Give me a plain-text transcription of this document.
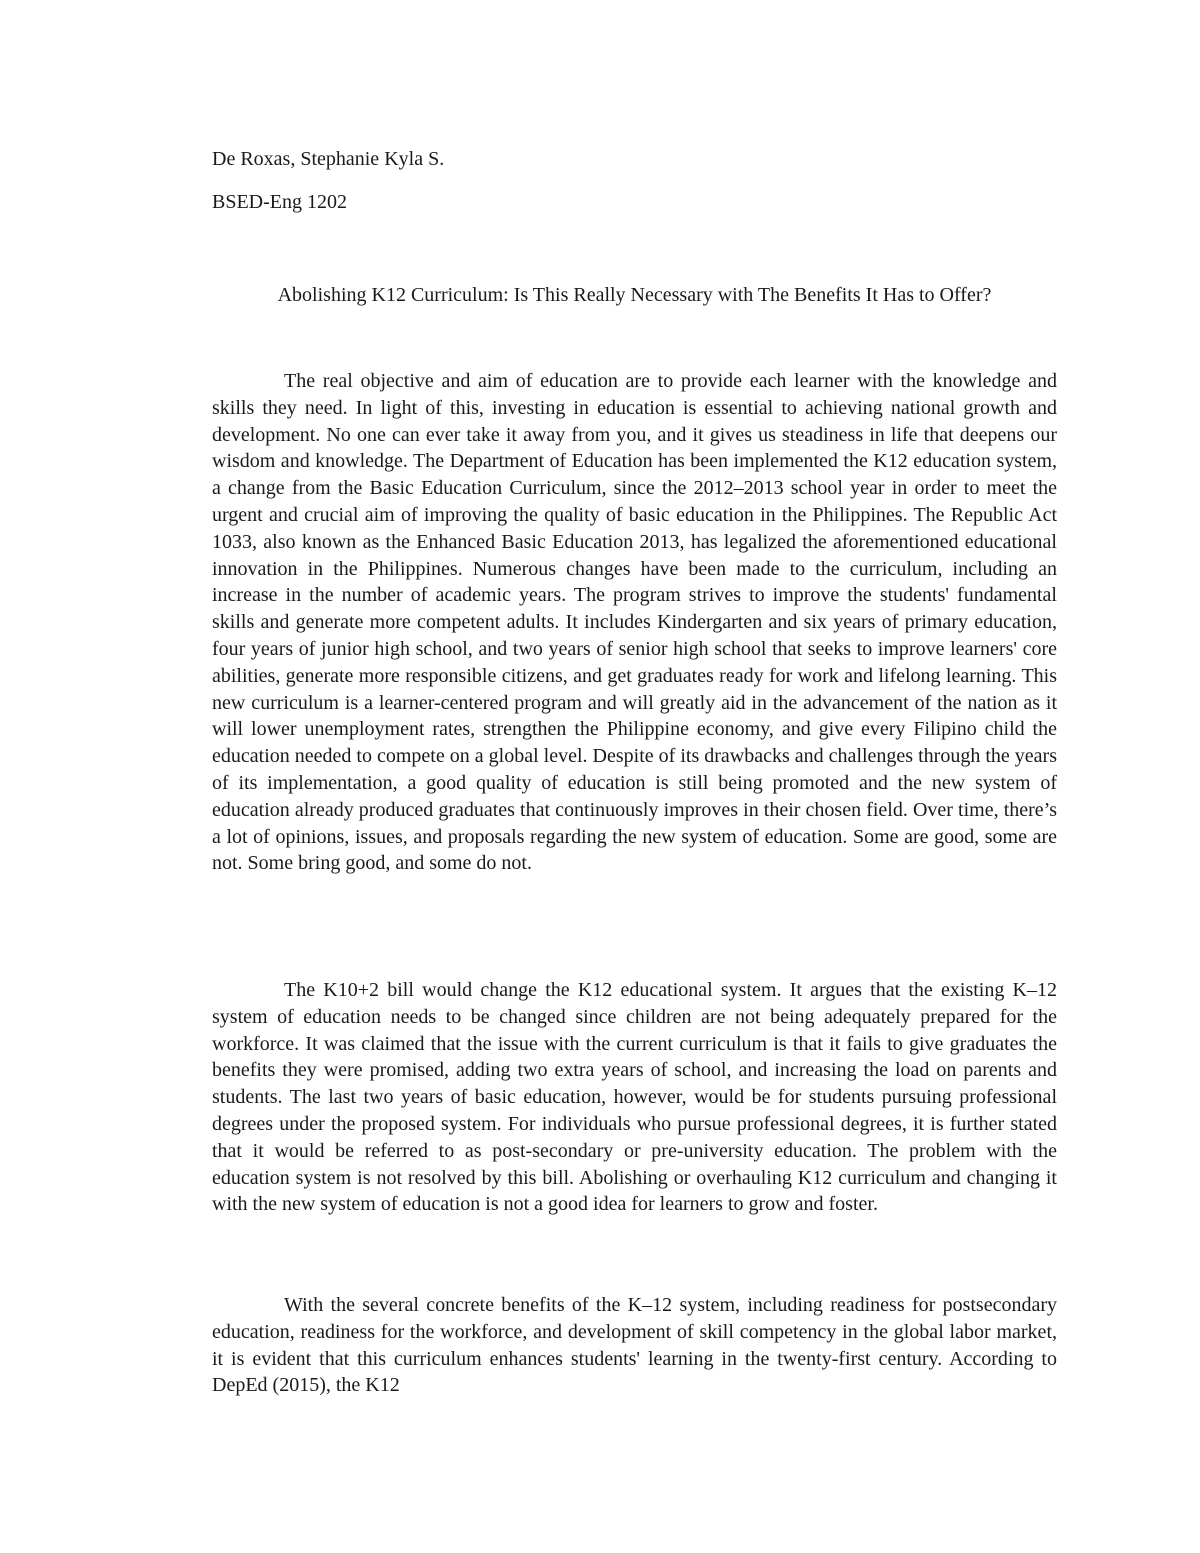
De Roxas, Stephanie Kyla S.
BSED-Eng 1202
Abolishing K12 Curriculum: Is This Really Necessary with The Benefits It Has to Offer?

The real objective and aim of education are to provide each learner with the knowledge and skills they need. In light of this, investing in education is essential to achieving national growth and development. No one can ever take it away from you, and it gives us steadiness in life that deepens our wisdom and knowledge. The Department of Education has been implemented the K12 education system, a change from the Basic Education Curriculum, since the 2012–2013 school year in order to meet the urgent and crucial aim of improving the quality of basic education in the Philippines. The Republic Act 1033, also known as the Enhanced Basic Education 2013, has legalized the aforementioned educational innovation in the Philippines. Numerous changes have been made to the curriculum, including an increase in the number of academic years. The program strives to improve the students' fundamental skills and generate more competent adults. It includes Kindergarten and six years of primary education, four years of junior high school, and two years of senior high school that seeks to improve learners' core abilities, generate more responsible citizens, and get graduates ready for work and lifelong learning. This new curriculum is a learner-centered program and will greatly aid in the advancement of the nation as it will lower unemployment rates, strengthen the Philippine economy, and give every Filipino child the education needed to compete on a global level. Despite of its drawbacks and challenges through the years of its implementation, a good quality of education is still being promoted and the new system of education already produced graduates that continuously improves in their chosen field. Over time, there’s a lot of opinions, issues, and proposals regarding the new system of education. Some are good, some are not. Some bring good, and some do not.

The K10+2 bill would change the K12 educational system. It argues that the existing K–12 system of education needs to be changed since children are not being adequately prepared for the workforce. It was claimed that the issue with the current curriculum is that it fails to give graduates the benefits they were promised, adding two extra years of school, and increasing the load on parents and students. The last two years of basic education, however, would be for students pursuing professional degrees under the proposed system. For individuals who pursue professional degrees, it is further stated that it would be referred to as post-secondary or pre-university education. The problem with the education system is not resolved by this bill. Abolishing or overhauling K12 curriculum and changing it with the new system of education is not a good idea for learners to grow and foster.

With the several concrete benefits of the K–12 system, including readiness for postsecondary education, readiness for the workforce, and development of skill competency in the global labor market, it is evident that this curriculum enhances students' learning in the twenty-first century. According to DepEd (2015), the K12
